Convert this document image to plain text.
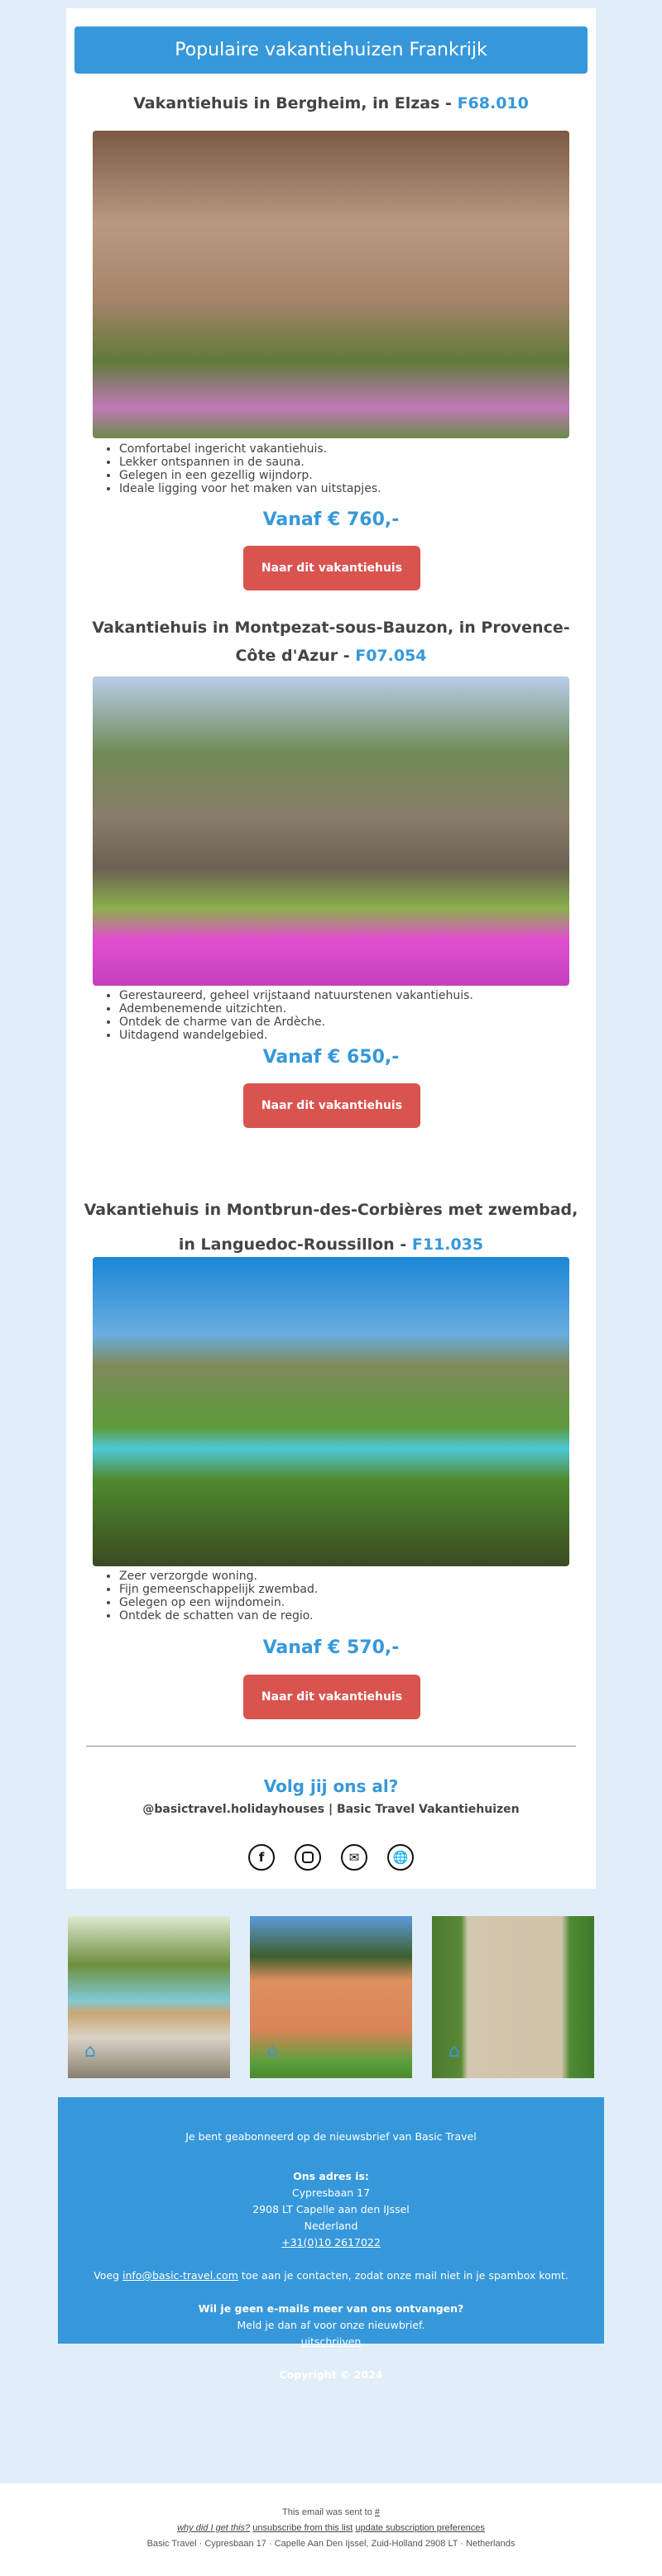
Populaire vakantiehuizen Frankrijk
Vakantiehuis in Bergheim, in Elzas - F68.010
• Comfortabel ingericht vakantiehuis.
• Lekker ontspannen in de sauna.
• Gelegen in een gezellig wijndorp.
• Ideale ligging voor het maken van uitstapjes.
Vanaf € 760,-
Naar dit vakantiehuis
Vakantiehuis in Montpezat-sous-Bauzon, in Provence-Côte d'Azur - F07.054
• Gerestaureerd, geheel vrijstaand natuurstenen vakantiehuis.
• Adembenemende uitzichten.
• Ontdek de charme van de Ardèche.
• Uitdagend wandelgebied.
Vanaf € 650,-
Naar dit vakantiehuis
Vakantiehuis in Montbrun-des-Corbières met zwembad, in Languedoc-Roussillon - F11.035
• Zeer verzorgde woning.
• Fijn gemeenschappelijk zwembad.
• Gelegen op een wijndomein.
• Ontdek de schatten van de regio.
Vanaf € 570,-
Naar dit vakantiehuis
Volg jij ons al?
@basictravel.holidayhouses | Basic Travel Vakantiehuizen
f	✉	🌐
⌂	⌂	⌂

Je bent geabonneerd op de nieuwsbrief van Basic Travel

Ons adres is:

Cypresbaan 17

2908 LT Capelle aan den IJssel

Nederland

+31(0)10 2617022

Voeg info@basic-travel.com toe aan je contacten, zodat onze mail niet in je spambox komt.

Wil je geen e-mails meer van ons ontvangen?

Meld je dan af voor onze nieuwbrief.

uitschrijven

Copyright © 2024

This email was sent to #
why did I get this? unsubscribe from this list update subscription preferences
Basic Travel · Cypresbaan 17 · Capelle Aan Den Ijssel, Zuid-Holland 2908 LT · Netherlands
